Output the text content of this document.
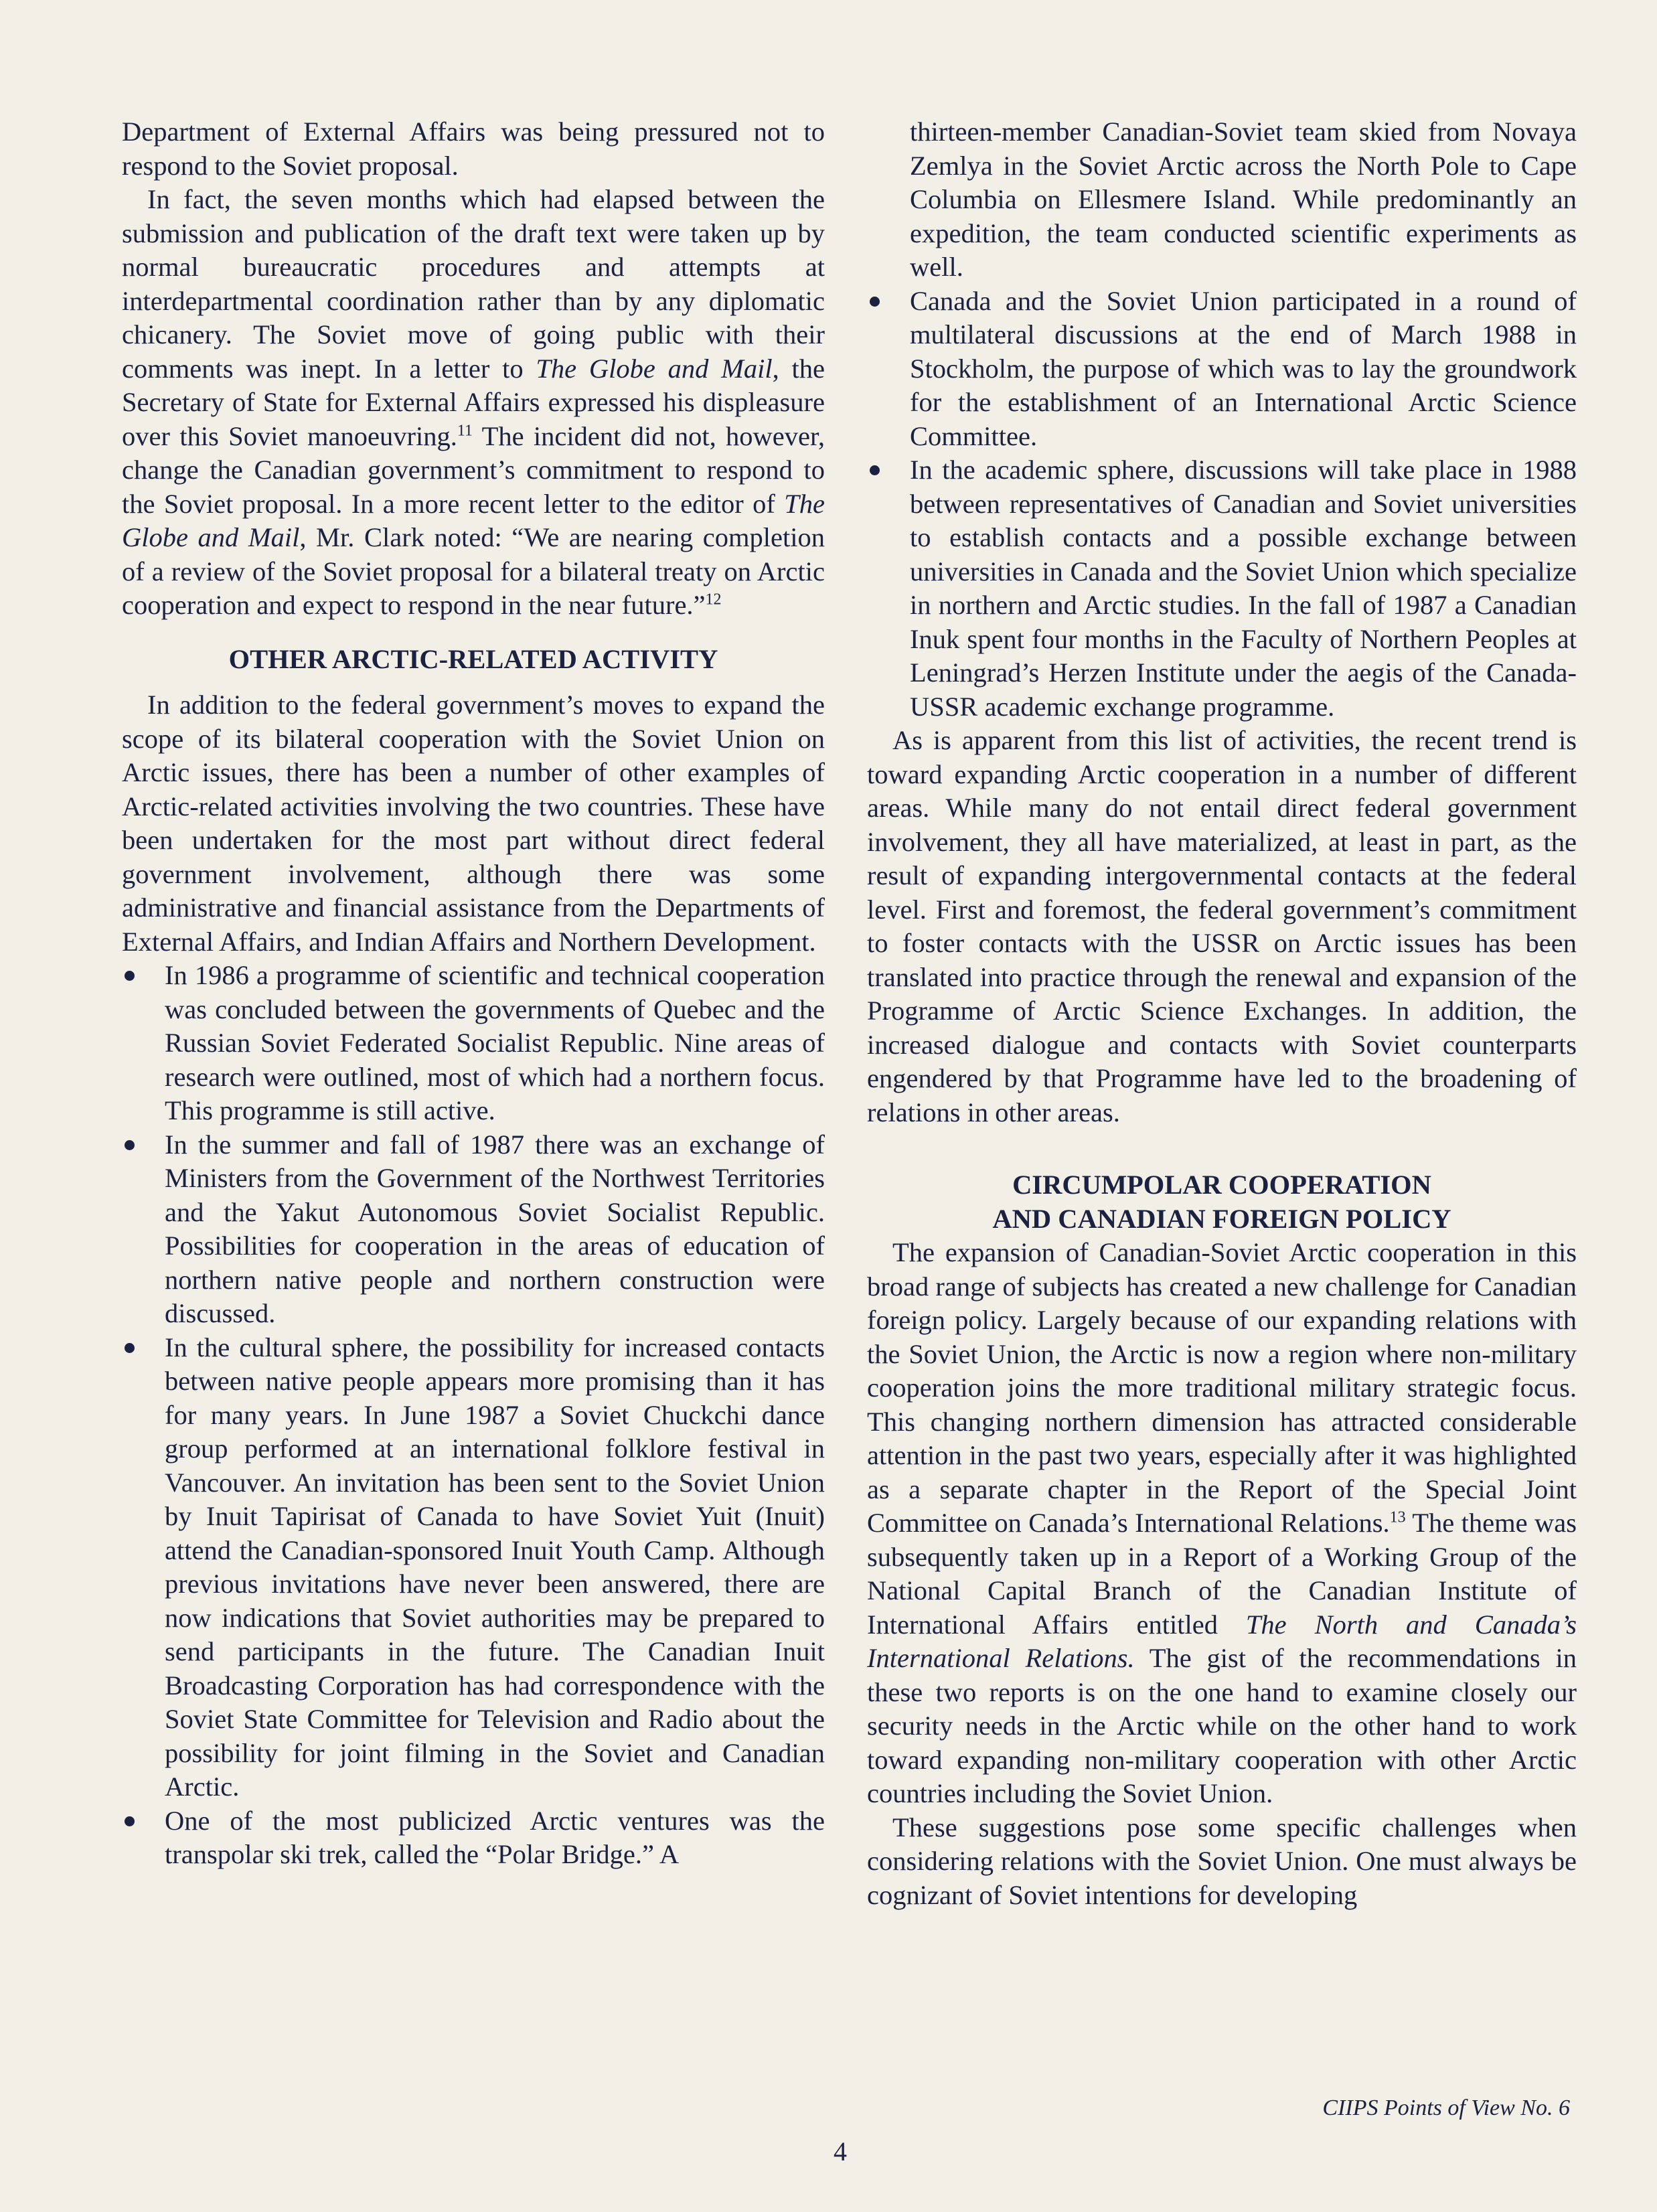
Department of External Affairs was being pressured not to respond to the Soviet proposal.

In fact, the seven months which had elapsed between the submission and publication of the draft text were taken up by normal bureaucratic procedures and attempts at interdepartmental coordination rather than by any diplomatic chicanery. The Soviet move of going public with their comments was inept. In a letter to The Globe and Mail, the Secretary of State for External Affairs expressed his displeasure over this Soviet manoeuvring.$^{11}$ The incident did not, however, change the Canadian government’s commitment to respond to the Soviet proposal. In a more recent letter to the editor of The Globe and Mail, Mr. Clark noted: “We are nearing completion of a review of the Soviet proposal for a bilateral treaty on Arctic cooperation and expect to respond in the near future.”$^{12}$

OTHER ARCTIC-RELATED ACTIVITY

In addition to the federal government’s moves to expand the scope of its bilateral cooperation with the Soviet Union on Arctic issues, there has been a number of other examples of Arctic-related activities involving the two countries. These have been undertaken for the most part without direct federal government involvement, although there was some administrative and financial assistance from the Departments of External Affairs, and Indian Affairs and Northern Development.

In 1986 a programme of scientific and technical cooperation was concluded between the governments of Quebec and the Russian Soviet Federated Socialist Republic. Nine areas of research were outlined, most of which had a northern focus. This programme is still active.
In the summer and fall of 1987 there was an exchange of Ministers from the Government of the Northwest Territories and the Yakut Autonomous Soviet Socialist Republic. Possibilities for cooperation in the areas of education of northern native people and northern construction were discussed.
In the cultural sphere, the possibility for increased contacts between native people appears more promising than it has for many years. In June 1987 a Soviet Chuckchi dance group performed at an international folklore festival in Vancouver. An invitation has been sent to the Soviet Union by Inuit Tapirisat of Canada to have Soviet Yuit (Inuit) attend the Canadian-sponsored Inuit Youth Camp. Although previous invitations have never been answered, there are now indications that Soviet authorities may be prepared to send participants in the future. The Canadian Inuit Broadcasting Corporation has had correspondence with the Soviet State Committee for Television and Radio about the possibility for joint filming in the Soviet and Canadian Arctic.
One of the most publicized Arctic ventures was the transpolar ski trek, called the “Polar Bridge.” A

thirteen-member Canadian-Soviet team skied from Novaya Zemlya in the Soviet Arctic across the North Pole to Cape Columbia on Ellesmere Island. While predominantly an expedition, the team conducted scientific experiments as well.

Canada and the Soviet Union participated in a round of multilateral discussions at the end of March 1988 in Stockholm, the purpose of which was to lay the groundwork for the establishment of an International Arctic Science Committee.
In the academic sphere, discussions will take place in 1988 between representatives of Canadian and Soviet universities to establish contacts and a possible exchange between universities in Canada and the Soviet Union which specialize in northern and Arctic studies. In the fall of 1987 a Canadian Inuk spent four months in the Faculty of Northern Peoples at Leningrad’s Herzen Institute under the aegis of the Canada-USSR academic exchange programme.

As is apparent from this list of activities, the recent trend is toward expanding Arctic cooperation in a number of different areas. While many do not entail direct federal government involvement, they all have materialized, at least in part, as the result of expanding intergovernmental contacts at the federal level. First and foremost, the federal government’s commitment to foster contacts with the USSR on Arctic issues has been translated into practice through the renewal and expansion of the Programme of Arctic Science Exchanges. In addition, the increased dialogue and contacts with Soviet counterparts engendered by that Programme have led to the broadening of relations in other areas.

CIRCUMPOLAR COOPERATION
AND CANADIAN FOREIGN POLICY

The expansion of Canadian-Soviet Arctic cooperation in this broad range of subjects has created a new challenge for Canadian foreign policy. Largely because of our expanding relations with the Soviet Union, the Arctic is now a region where non-military cooperation joins the more traditional military strategic focus. This changing northern dimension has attracted considerable attention in the past two years, especially after it was highlighted as a separate chapter in the Report of the Special Joint Committee on Canada’s International Relations.$^{13}$ The theme was subsequently taken up in a Report of a Working Group of the National Capital Branch of the Canadian Institute of International Affairs entitled The North and Canada’s International Relations. The gist of the recommendations in these two reports is on the one hand to examine closely our security needs in the Arctic while on the other hand to work toward expanding non-military cooperation with other Arctic countries including the Soviet Union.

These suggestions pose some specific challenges when considering relations with the Soviet Union. One must always be cognizant of Soviet intentions for developing

CIIPS Points of View No. 6
4
